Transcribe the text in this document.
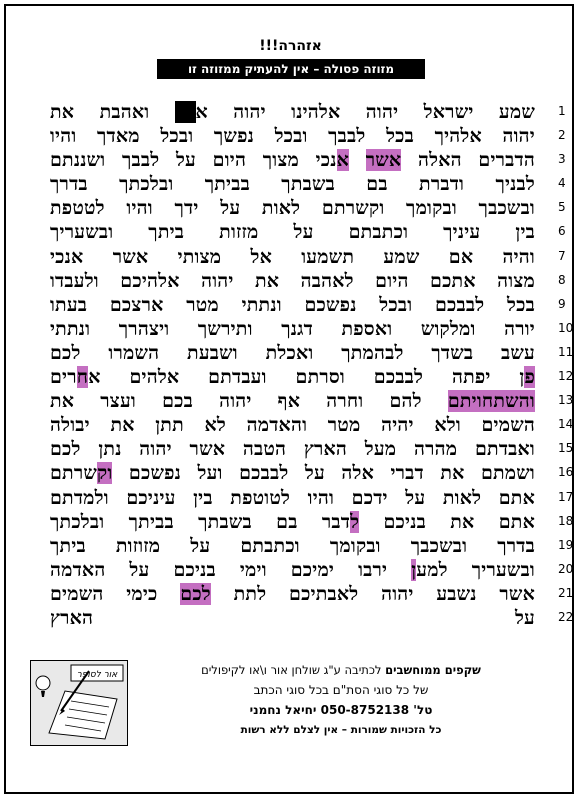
אזהרה!!!
מזוזה פסולה – אין להעתיק ממזוזה זו
שמע ישראל יהוה אלהינו יהוה אחד ואהבת את	1
יהוה אלהיך בכל לבבך ובכל נפשך ובכל מאדך והיו 2
הדברים האלה אשר אנכי מצוך היום על לבבך ושננתם	3
לבניך ודברת בם בשבתך בביתך ובלכתך בדרך 4
ובשכבך ובקומך וקשרתם לאות על ידך והיו לטטפת 5
בין עיניך וכתבתם על מזזות ביתך ובשעריך 6
והיה אם שמע תשמעו אל מצותי אשר אנכי 7
מצוה אתכם היום לאהבה את יהוה אלהיכם ולעבדו 8
בכל לבבכם ובכל נפשכם ונתתי מטר ארצכם בעתו 9
יורה ומלקוש ואספת דגנך ותירשך ויצהרך ונתתי 10
עשב בשדך לבהמתך ואכלת ושבעת השמרו לכם 11
פן יפתה לבבכם וסרתם ועבדתם אלהים אחרים	12
והשתחויתם להם וחרה אף יהוה בכם ועצר את	13
השמים ולא יהיה מטר והאדמה לא תתן את יבולה 14
ואבדתם מהרה מעל הארץ הטבה אשר יהוה נתן לכם 15
ושמתם את דברי אלה על לבבכם ועל נפשכם וקשרתם	16
אתם לאות על ידכם והיו לטוטפת בין עיניכם ולמדתם 17
אתם את בניכם לדבר בם בשבתך בביתך ובלכתך	18
בדרך ובשכבך ובקומך וכתבתם על מזוזות ביתך 19
ובשעריך למען ירבו ימיכם וימי בניכם על האדמה	20
אשר נשבע יהוה לאבתיכם לתת לכם כימי השמים	21
על הארץ 22
שקפים ממוחשבים לכתיבה ע"ג שולחן אור ו\או לקיפולים
של כל סוגי הסת"ם בכל סוגי הכתב
טל' 050-8752138 יחיאל נחמני
כל הזכויות שמורות – אין לצלם ללא רשות
אור לסופר
